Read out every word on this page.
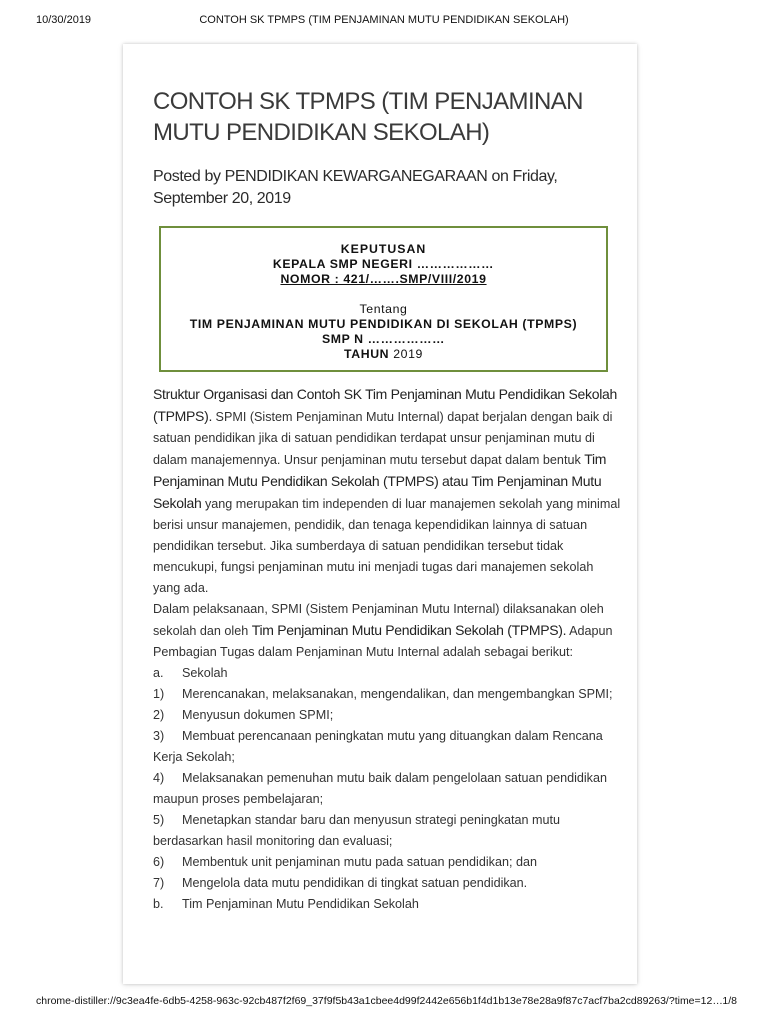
10/30/2019	CONTOH SK TPMPS (TIM PENJAMINAN MUTU PENDIDIKAN SEKOLAH)
CONTOH SK TPMPS (TIM PENJAMINAN MUTU PENDIDIKAN SEKOLAH)
Posted by PENDIDIKAN KEWARGANEGARAAN on Friday, September 20, 2019
KEPUTUSAN
KEPALA SMP NEGERI ………………
NOMOR : 421/…….SMP/VIII/2019
Tentang
TIM PENJAMINAN MUTU PENDIDIKAN DI SEKOLAH (TPMPS)
SMP N ………………
TAHUN 2019

Struktur Organisasi dan Contoh SK Tim Penjaminan Mutu Pendidikan Sekolah (TPMPS). SPMI (Sistem Penjaminan Mutu Internal) dapat berjalan dengan baik di satuan pendidikan jika di satuan pendidikan terdapat unsur penjaminan mutu di dalam manajemennya. Unsur penjaminan mutu tersebut dapat dalam bentuk Tim Penjaminan Mutu Pendidikan Sekolah (TPMPS) atau Tim Penjaminan Mutu Sekolah yang merupakan tim independen di luar manajemen sekolah yang minimal berisi unsur manajemen, pendidik, dan tenaga kependidikan lainnya di satuan pendidikan tersebut. Jika sumberdaya di satuan pendidikan tersebut tidak mencukupi, fungsi penjaminan mutu ini menjadi tugas dari manajemen sekolah yang ada.

Dalam pelaksanaan, SPMI (Sistem Penjaminan Mutu Internal) dilaksanakan oleh sekolah dan oleh Tim Penjaminan Mutu Pendidikan Sekolah (TPMPS). Adapun Pembagian Tugas dalam Penjaminan Mutu Internal adalah sebagai berikut:

a. Sekolah

1) Merencanakan, melaksanakan, mengendalikan, dan mengembangkan SPMI;

2) Menyusun dokumen SPMI;

3) Membuat perencanaan peningkatan mutu yang dituangkan dalam Rencana Kerja Sekolah;

4) Melaksanakan pemenuhan mutu baik dalam pengelolaan satuan pendidikan maupun proses pembelajaran;

5) Menetapkan standar baru dan menyusun strategi peningkatan mutu berdasarkan hasil monitoring dan evaluasi;

6) Membentuk unit penjaminan mutu pada satuan pendidikan; dan

7) Mengelola data mutu pendidikan di tingkat satuan pendidikan.

b. Tim Penjaminan Mutu Pendidikan Sekolah

chrome-distiller://9c3ea4fe-6db5-4258-963c-92cb487f2f69_37f9f5b43a1cbee4d99f2442e656b1f4d1b13e78e28a9f87c7acf7ba2cd89263/?time=12… 1/8
